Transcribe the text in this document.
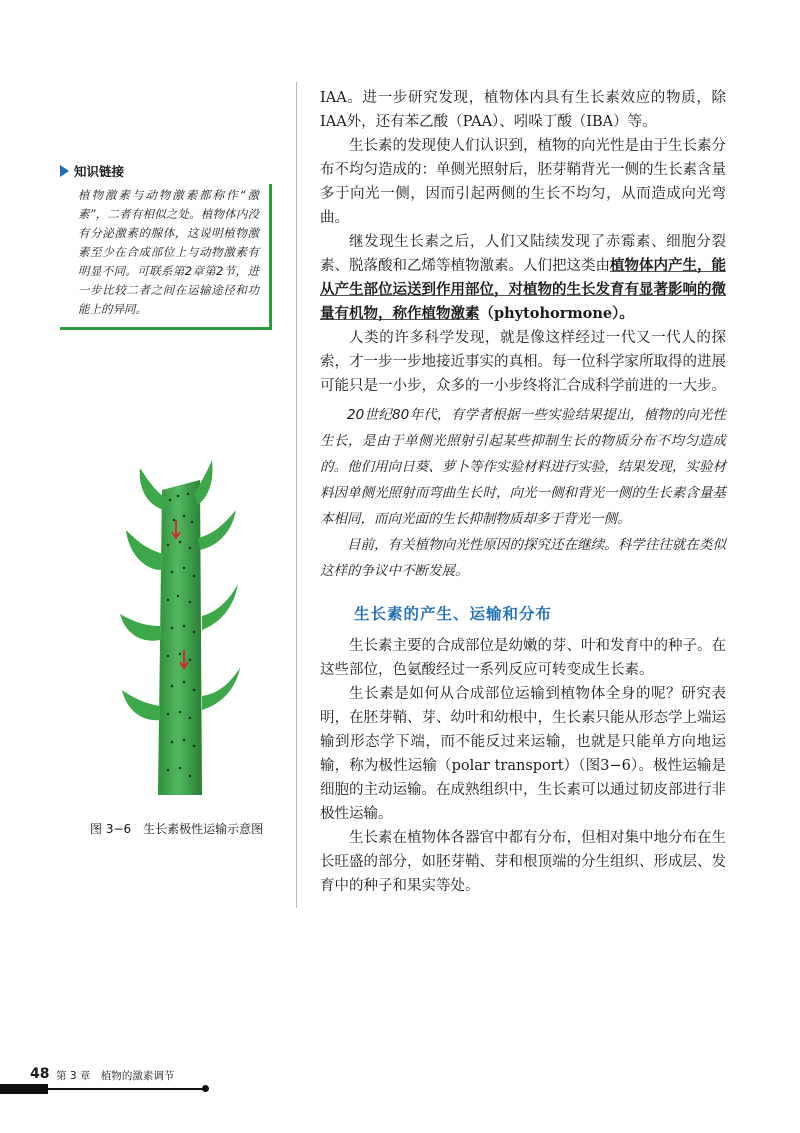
IAA。进一步研究发现，植物体内具有生长素效应的物质，除IAA外，还有苯乙酸（PAA）、吲哚丁酸（IBA）等。

生长素的发现使人们认识到，植物的向光性是由于生长素分布不均匀造成的：单侧光照射后，胚芽鞘背光一侧的生长素含量多于向光一侧，因而引起两侧的生长不均匀，从而造成向光弯曲。

继发现生长素之后，人们又陆续发现了赤霉素、细胞分裂素、脱落酸和乙烯等植物激素。人们把这类由植物体内产生，能从产生部位运送到作用部位，对植物的生长发育有显著影响的微量有机物，称作植物激素（phytohormone）。

人类的许多科学发现，就是像这样经过一代又一代人的探索，才一步一步地接近事实的真相。每一位科学家所取得的进展可能只是一小步，众多的一小步终将汇合成科学前进的一大步。

20世纪80年代，有学者根据一些实验结果提出，植物的向光性生长，是由于单侧光照射引起某些抑制生长的物质分布不均匀造成的。他们用向日葵、萝卜等作实验材料进行实验，结果发现，实验材料因单侧光照射而弯曲生长时，向光一侧和背光一侧的生长素含量基本相同，而向光面的生长抑制物质却多于背光一侧。

目前，有关植物向光性原因的探究还在继续。科学往往就在类似这样的争议中不断发展。

生长素的产生、运输和分布

生长素主要的合成部位是幼嫩的芽、叶和发育中的种子。在这些部位，色氨酸经过一系列反应可转变成生长素。

生长素是如何从合成部位运输到植物体全身的呢？研究表明，在胚芽鞘、芽、幼叶和幼根中，生长素只能从形态学上端运输到形态学下端，而不能反过来运输，也就是只能单方向地运输，称为极性运输（polar transport）（图3−6）。极性运输是细胞的主动运输。在成熟组织中，生长素可以通过韧皮部进行非极性运输。

生长素在植物体各器官中都有分布，但相对集中地分布在生长旺盛的部分，如胚芽鞘、芽和根顶端的分生组织、形成层、发育中的种子和果实等处。

知识链接

植物激素与动物激素都称作“激素”，二者有相似之处。植物体内没有分泌激素的腺体，这说明植物激素至少在合成部位上与动物激素有明显不同。可联系第2章第2节，进一步比较二者之间在运输途径和功能上的异同。

图 3−6　生长素极性运输示意图
48 第 3 章　植物的激素调节
